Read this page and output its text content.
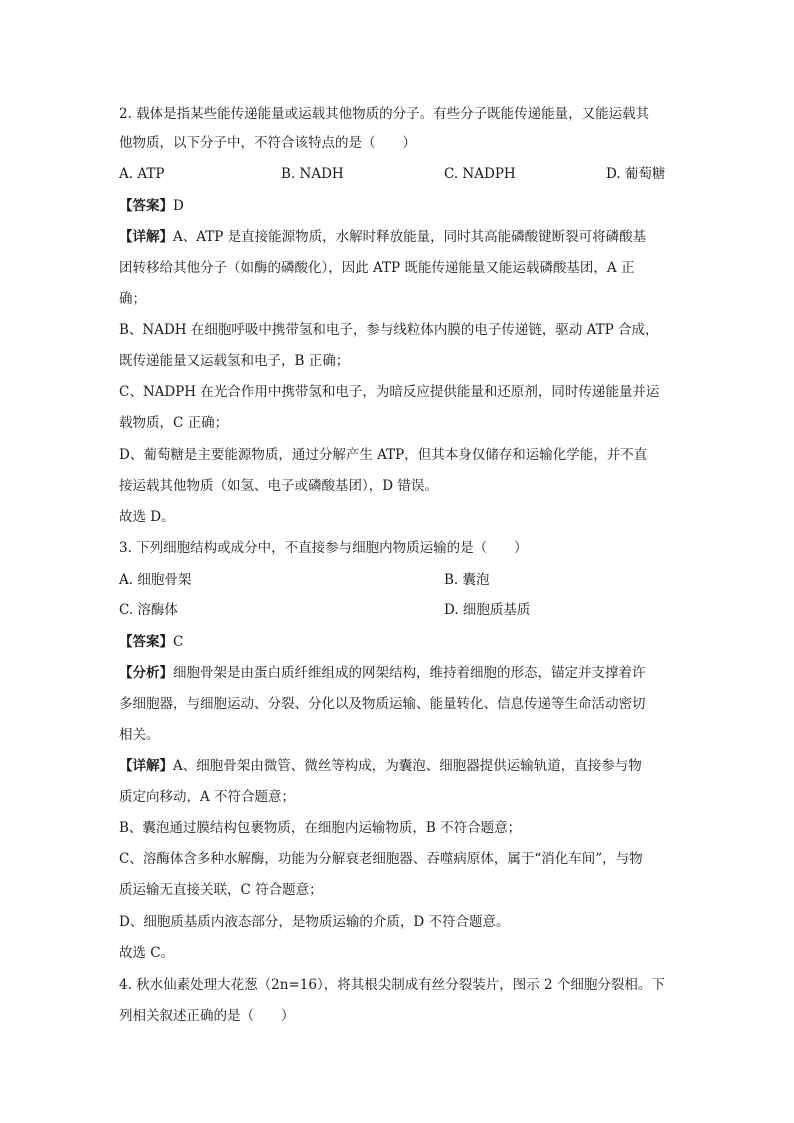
2. 载体是指某些能传递能量或运载其他物质的分子。有些分子既能传递能量，又能运载其
他物质，以下分子中，不符合该特点的是（　　）
A. ATP	B. NADH	C. NADPH	D. 葡萄糖
【答案】D
【详解】A、ATP 是直接能源物质，水解时释放能量，同时其高能磷酸键断裂可将磷酸基
团转移给其他分子（如酶的磷酸化），因此 ATP 既能传递能量又能运载磷酸基团，A 正
确；
B、NADH 在细胞呼吸中携带氢和电子，参与线粒体内膜的电子传递链，驱动 ATP 合成，
既传递能量又运载氢和电子，B 正确；
C、NADPH 在光合作用中携带氢和电子，为暗反应提供能量和还原剂，同时传递能量并运
载物质，C 正确；
D、葡萄糖是主要能源物质，通过分解产生 ATP，但其本身仅储存和运输化学能，并不直
接运载其他物质（如氢、电子或磷酸基团），D 错误。
故选 D。
3. 下列细胞结构或成分中，不直接参与细胞内物质运输的是（　　）
A. 细胞骨架	B. 囊泡
C. 溶酶体	D. 细胞质基质
【答案】C
【分析】细胞骨架是由蛋白质纤维组成的网架结构，维持着细胞的形态，锚定并支撑着许
多细胞器，与细胞运动、分裂、分化以及物质运输、能量转化、信息传递等生命活动密切
相关。
【详解】A、细胞骨架由微管、微丝等构成，为囊泡、细胞器提供运输轨道，直接参与物
质定向移动，A 不符合题意；
B、囊泡通过膜结构包裹物质，在细胞内运输物质，B 不符合题意；
C、溶酶体含多种水解酶，功能为分解衰老细胞器、吞噬病原体，属于“消化车间”，与物
质运输无直接关联，C 符合题意；
D、细胞质基质内液态部分，是物质运输的介质，D 不符合题意。
故选 C。
4. 秋水仙素处理大花葱（2n=16），将其根尖制成有丝分裂装片，图示 2 个细胞分裂相。下
列相关叙述正确的是（　　）
